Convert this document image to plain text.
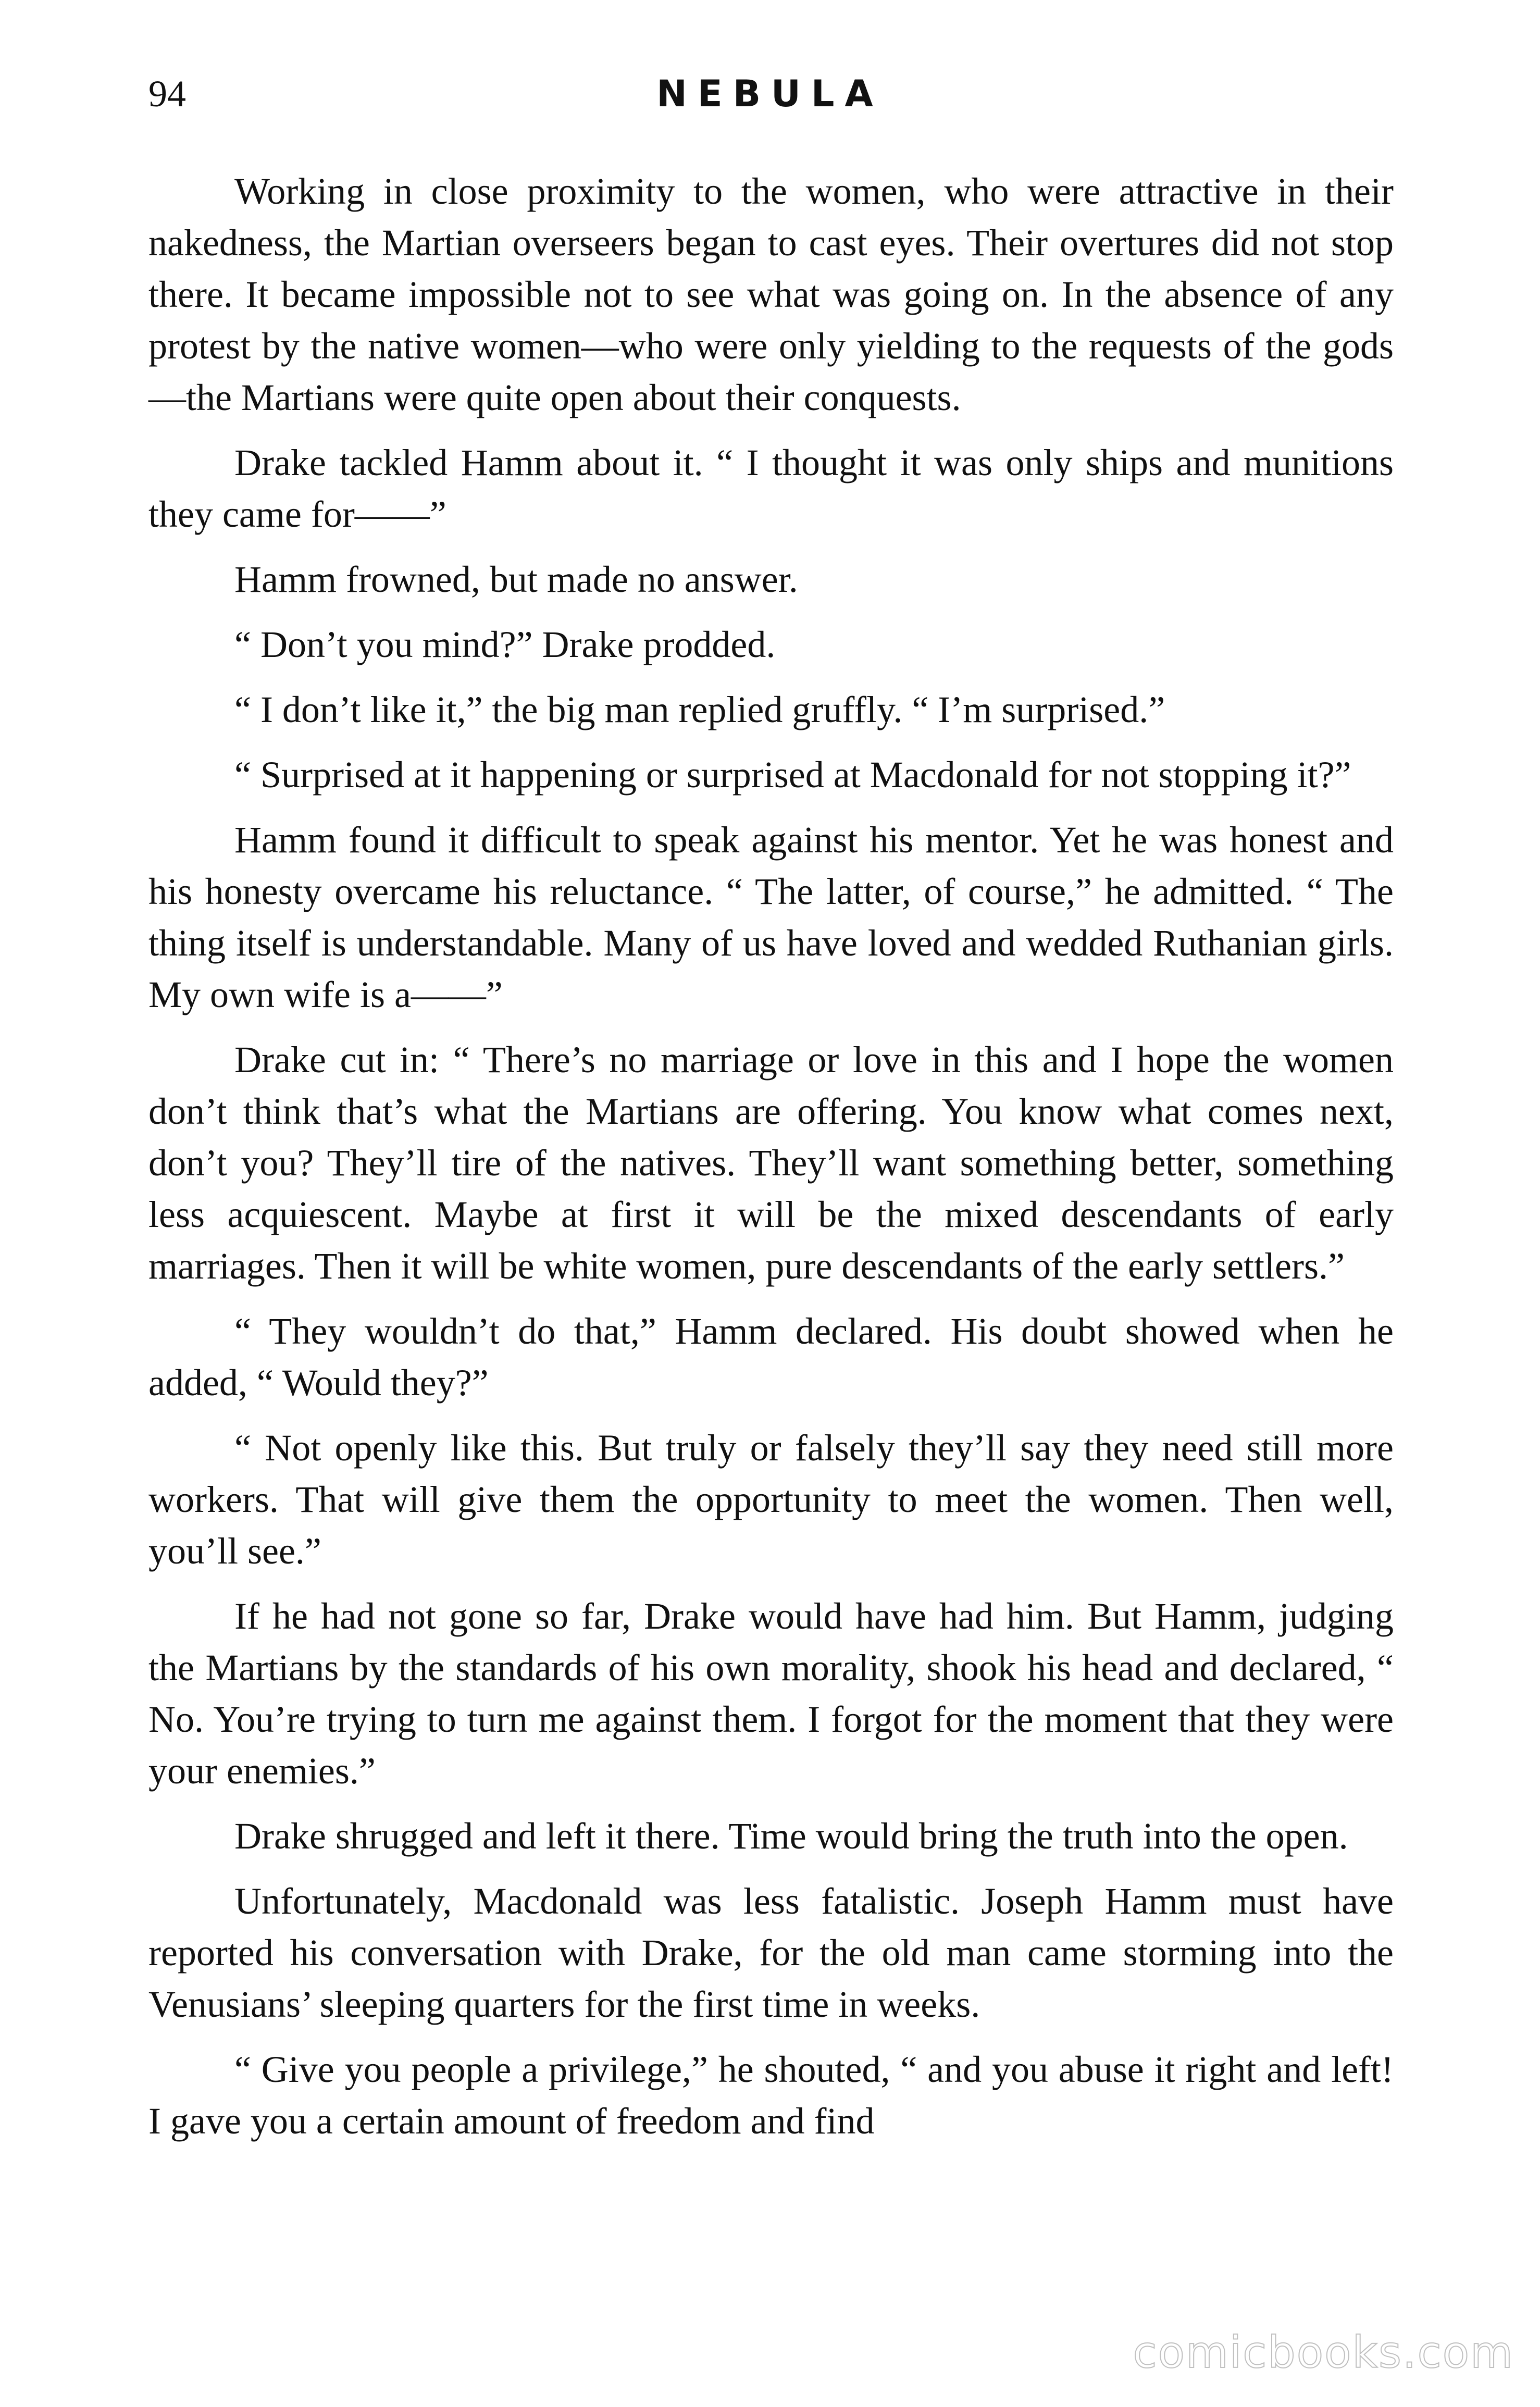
94	NEBULA

Working in close proximity to the women, who were attractive in their nakedness, the Martian overseers began to cast eyes. Their overtures did not stop there. It became impossible not to see what was going on. In the absence of any protest by the native women—who were only yielding to the requests of the gods—the Martians were quite open about their conquests.

Drake tackled Hamm about it. “ I thought it was only ships and munitions they came for——”

Hamm frowned, but made no answer.

“ Don’t you mind?” Drake prodded.

“ I don’t like it,” the big man replied gruffly. “ I’m surprised.”

“ Surprised at it happening or surprised at Macdonald for not stopping it?”

Hamm found it difficult to speak against his mentor. Yet he was honest and his honesty overcame his reluctance. “ The latter, of course,” he admitted. “ The thing itself is understandable. Many of us have loved and wedded Ruthanian girls. My own wife is a——”

Drake cut in: “ There’s no marriage or love in this and I hope the women don’t think that’s what the Martians are offering. You know what comes next, don’t you? They’ll tire of the natives. They’ll want something better, something less acquiescent. Maybe at first it will be the mixed descendants of early marriages. Then it will be white women, pure descendants of the early settlers.”

“ They wouldn’t do that,” Hamm declared. His doubt showed when he added, “ Would they?”

“ Not openly like this. But truly or falsely they’ll say they need still more workers. That will give them the opportunity to meet the women. Then well, you’ll see.”

If he had not gone so far, Drake would have had him. But Hamm, judging the Martians by the standards of his own morality, shook his head and declared, “ No. You’re trying to turn me against them. I forgot for the moment that they were your enemies.”

Drake shrugged and left it there. Time would bring the truth into the open.

Unfortunately, Macdonald was less fatalistic. Joseph Hamm must have reported his conversation with Drake, for the old man came storming into the Venusians’ sleeping quarters for the first time in weeks.

“ Give you people a privilege,” he shouted, “ and you abuse it right and left! I gave you a certain amount of freedom and find

comicbooks.com
